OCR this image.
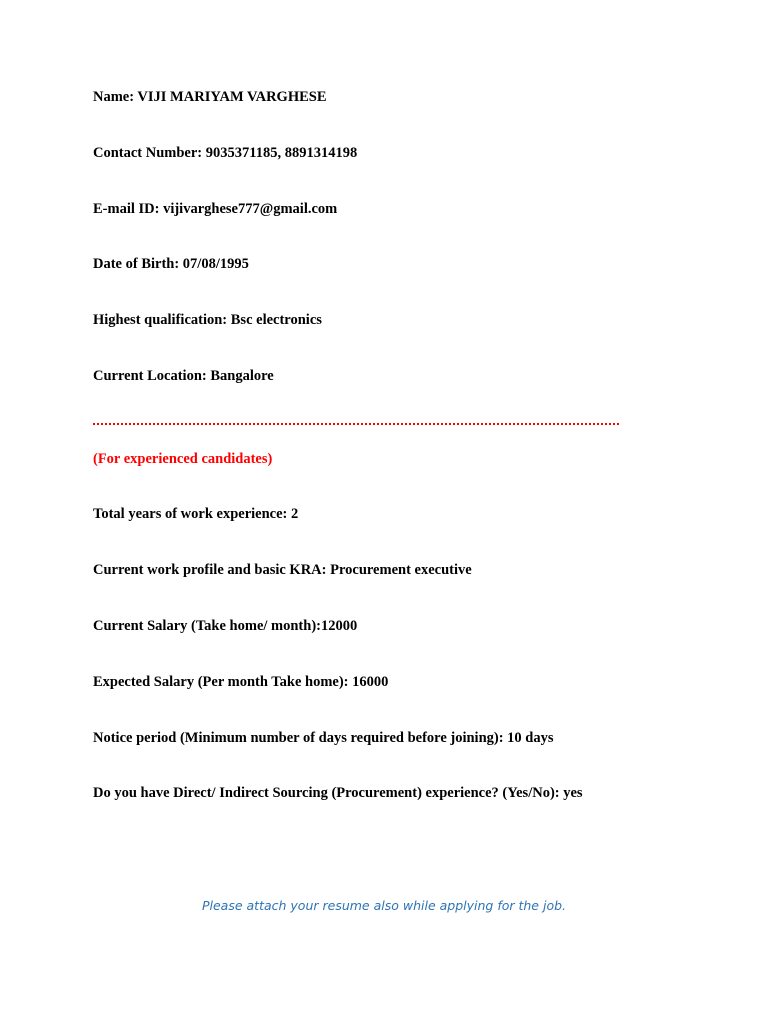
Name: VIJI MARIYAM VARGHESE
Contact Number: 9035371185, 8891314198
E-mail ID: vijivarghese777@gmail.com
Date of Birth: 07/08/1995
Highest qualification: Bsc electronics
Current Location: Bangalore
(For experienced candidates)
Total years of work experience: 2
Current work profile and basic KRA: Procurement executive
Current Salary (Take home/ month):12000
Expected Salary (Per month Take home): 16000
Notice period (Minimum number of days required before joining): 10 days
Do you have Direct/ Indirect Sourcing (Procurement) experience? (Yes/No): yes
Please attach your resume also while applying for the job.
